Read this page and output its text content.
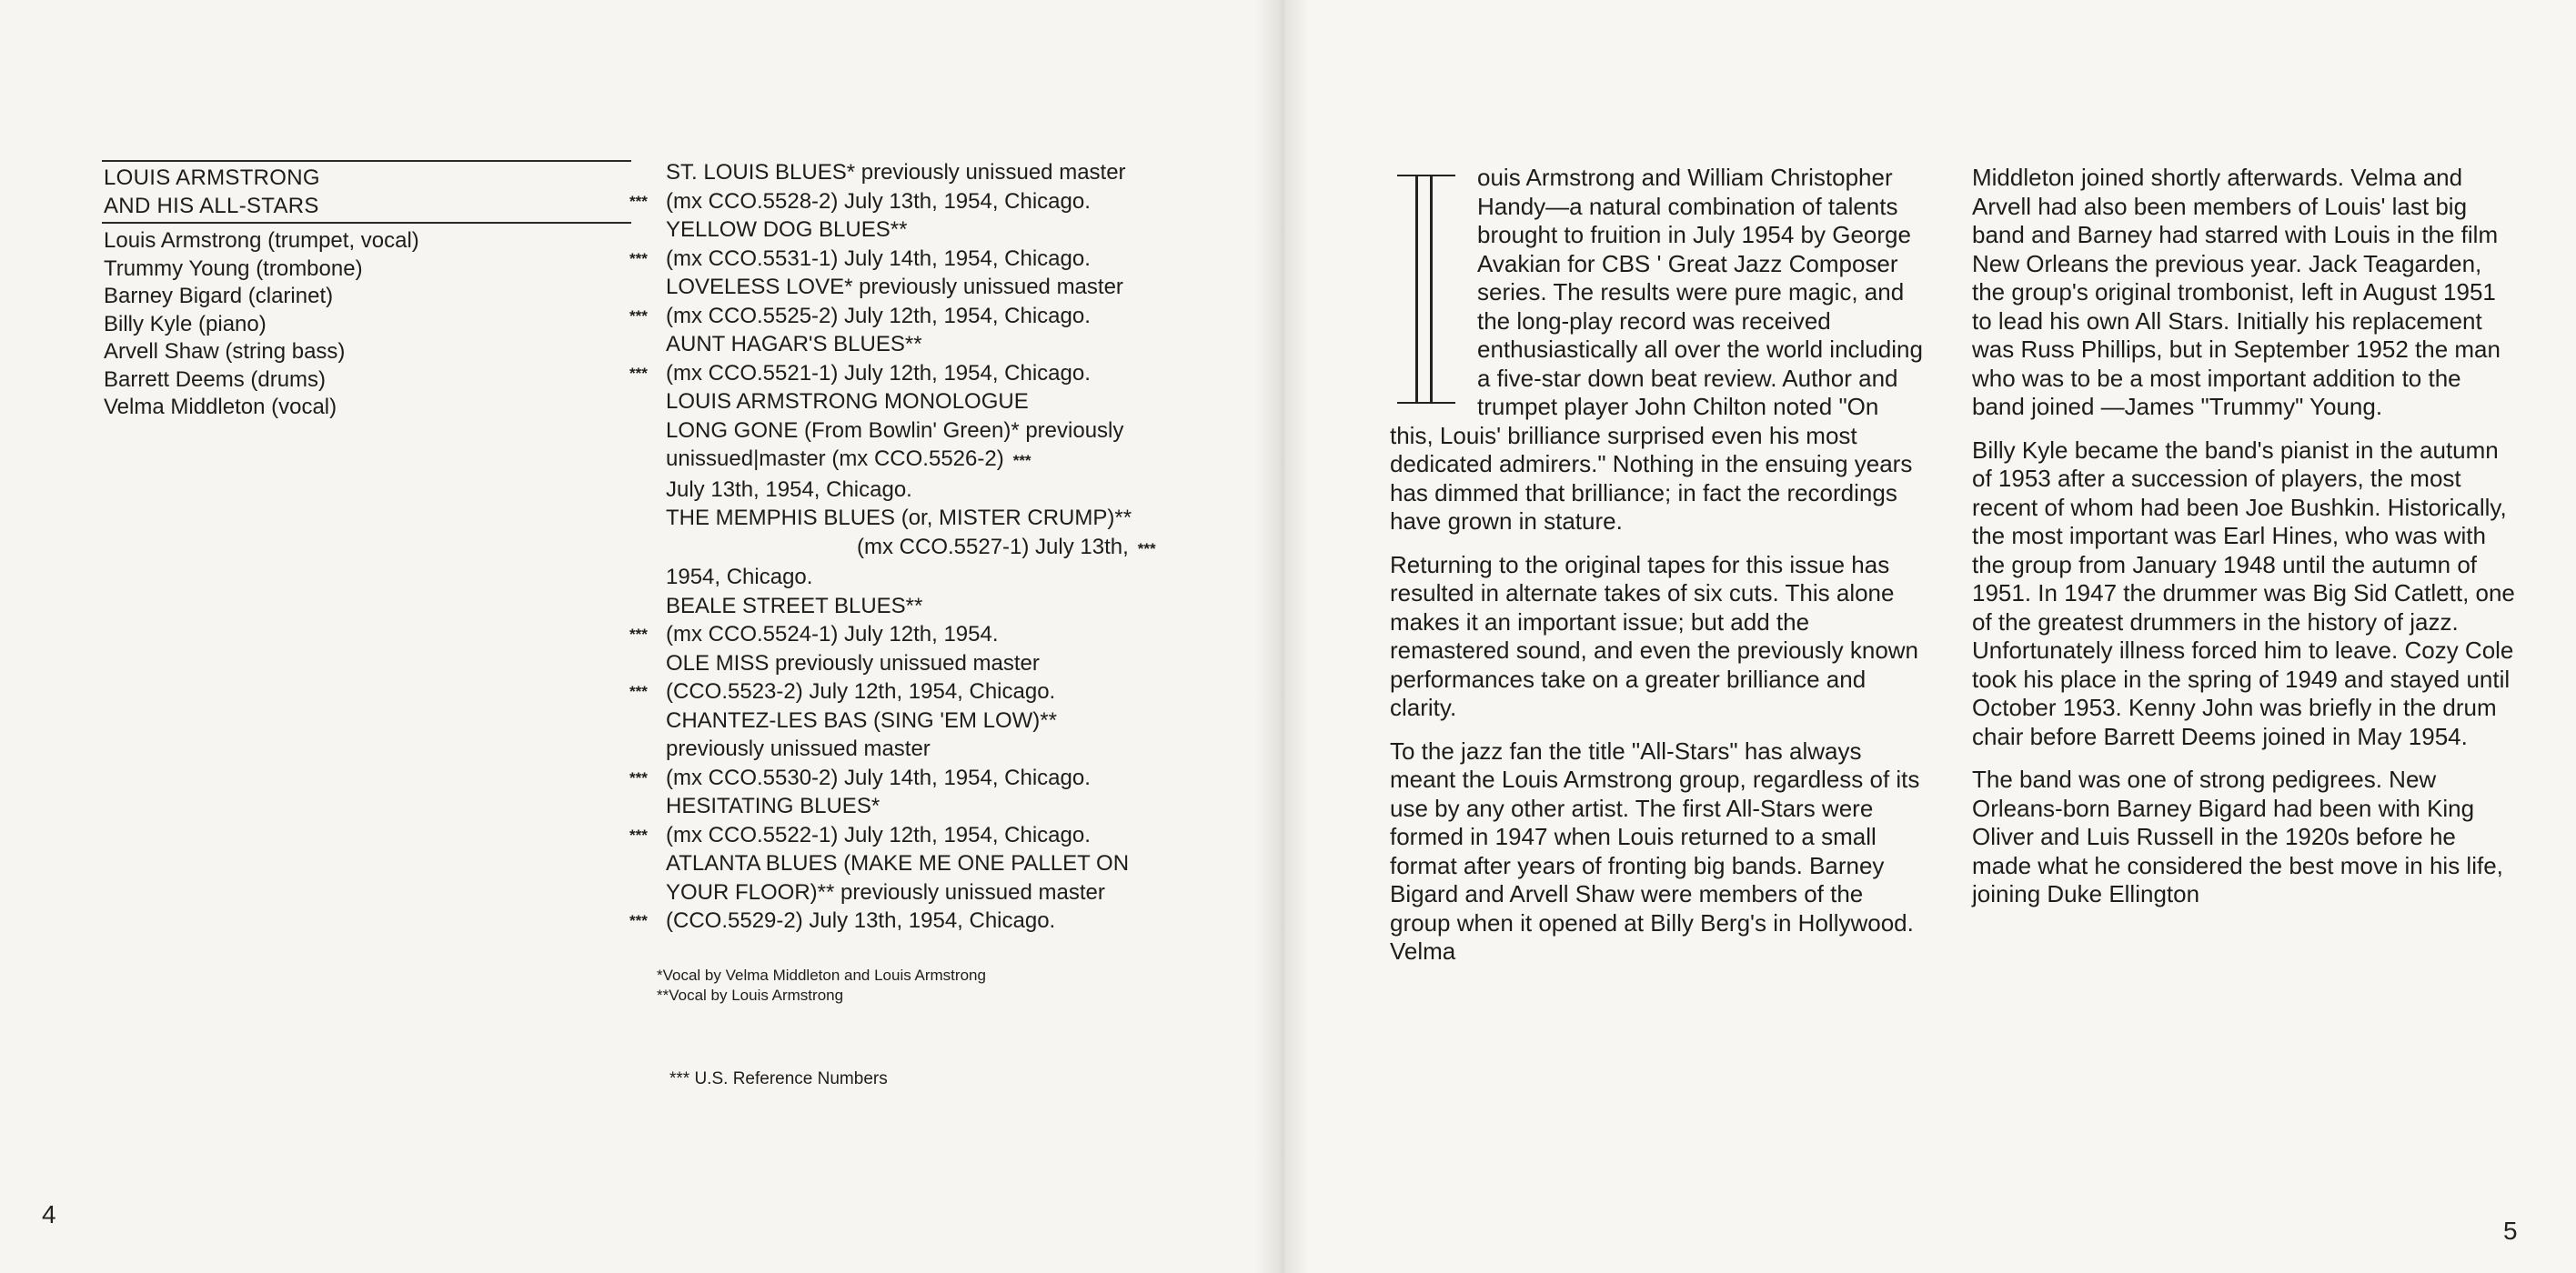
LOUIS ARMSTRONG
AND HIS ALL-STARS
Louis Armstrong (trumpet, vocal)
Trummy Young (trombone)
Barney Bigard (clarinet)
Billy Kyle (piano)
Arvell Shaw (string bass)
Barrett Deems (drums)
Velma Middleton (vocal)
ST. LOUIS BLUES* previously unissued master
*** (mx CCO.5528-2) July 13th, 1954, Chicago.
YELLOW DOG BLUES**
*** (mx CCO.5531-1) July 14th, 1954, Chicago.
LOVELESS LOVE* previously unissued master
*** (mx CCO.5525-2) July 12th, 1954, Chicago.
AUNT HAGAR'S BLUES**
*** (mx CCO.5521-1) July 12th, 1954, Chicago.
LOUIS ARMSTRONG MONOLOGUE
LONG GONE (From Bowlin' Green)* previously
unissued|master (mx CCO.5526-2) ***
July 13th, 1954, Chicago.
THE MEMPHIS BLUES (or, MISTER CRUMP)**
(mx CCO.5527-1) July 13th, ***
1954, Chicago.
BEALE STREET BLUES**
*** (mx CCO.5524-1) July 12th, 1954.
OLE MISS previously unissued master
*** (CCO.5523-2) July 12th, 1954, Chicago.
CHANTEZ-LES BAS (SING 'EM LOW)**
previously unissued master
*** (mx CCO.5530-2) July 14th, 1954, Chicago.
HESITATING BLUES*
*** (mx CCO.5522-1) July 12th, 1954, Chicago.
ATLANTA BLUES (MAKE ME ONE PALLET ON
YOUR FLOOR)** previously unissued master
*** (CCO.5529-2) July 13th, 1954, Chicago.
*Vocal by Velma Middleton and Louis Armstrong
**Vocal by Louis Armstrong
*** U.S. Reference Numbers
4

ouis Armstrong and William Christopher Handy—a natural combination of talents brought to fruition in July 1954 by George Avakian for CBS ' Great Jazz Composer series. The results were pure magic, and the long-play record was received enthusiastically all over the world including a five-star down beat review. Author and trumpet player John Chilton noted "On this, Louis' brilliance surprised even his most dedicated admirers." Nothing in the ensuing years has dimmed that brilliance; in fact the recordings have grown in stature.

Returning to the original tapes for this issue has resulted in alternate takes of six cuts. This alone makes it an important issue; but add the remastered sound, and even the previously known performances take on a greater brilliance and clarity.

To the jazz fan the title "All-Stars" has always meant the Louis Armstrong group, regardless of its use by any other artist. The first All-Stars were formed in 1947 when Louis returned to a small format after years of fronting big bands. Barney Bigard and Arvell Shaw were members of the group when it opened at Billy Berg's in Hollywood. Velma

Middleton joined shortly afterwards. Velma and Arvell had also been members of Louis' last big band and Barney had starred with Louis in the film New Orleans the previous year. Jack Teagarden, the group's original trombonist, left in August 1951 to lead his own All Stars. Initially his replacement was Russ Phillips, but in September 1952 the man who was to be a most important addition to the band joined —James "Trummy" Young.

Billy Kyle became the band's pianist in the autumn of 1953 after a succession of players, the most recent of whom had been Joe Bushkin. Historically, the most important was Earl Hines, who was with the group from January 1948 until the autumn of 1951. In 1947 the drummer was Big Sid Catlett, one of the greatest drummers in the history of jazz. Unfortunately illness forced him to leave. Cozy Cole took his place in the spring of 1949 and stayed until October 1953. Kenny John was briefly in the drum chair before Barrett Deems joined in May 1954.

The band was one of strong pedigrees. New Orleans-born Barney Bigard had been with King Oliver and Luis Russell in the 1920s before he made what he considered the best move in his life, joining Duke Ellington

5
